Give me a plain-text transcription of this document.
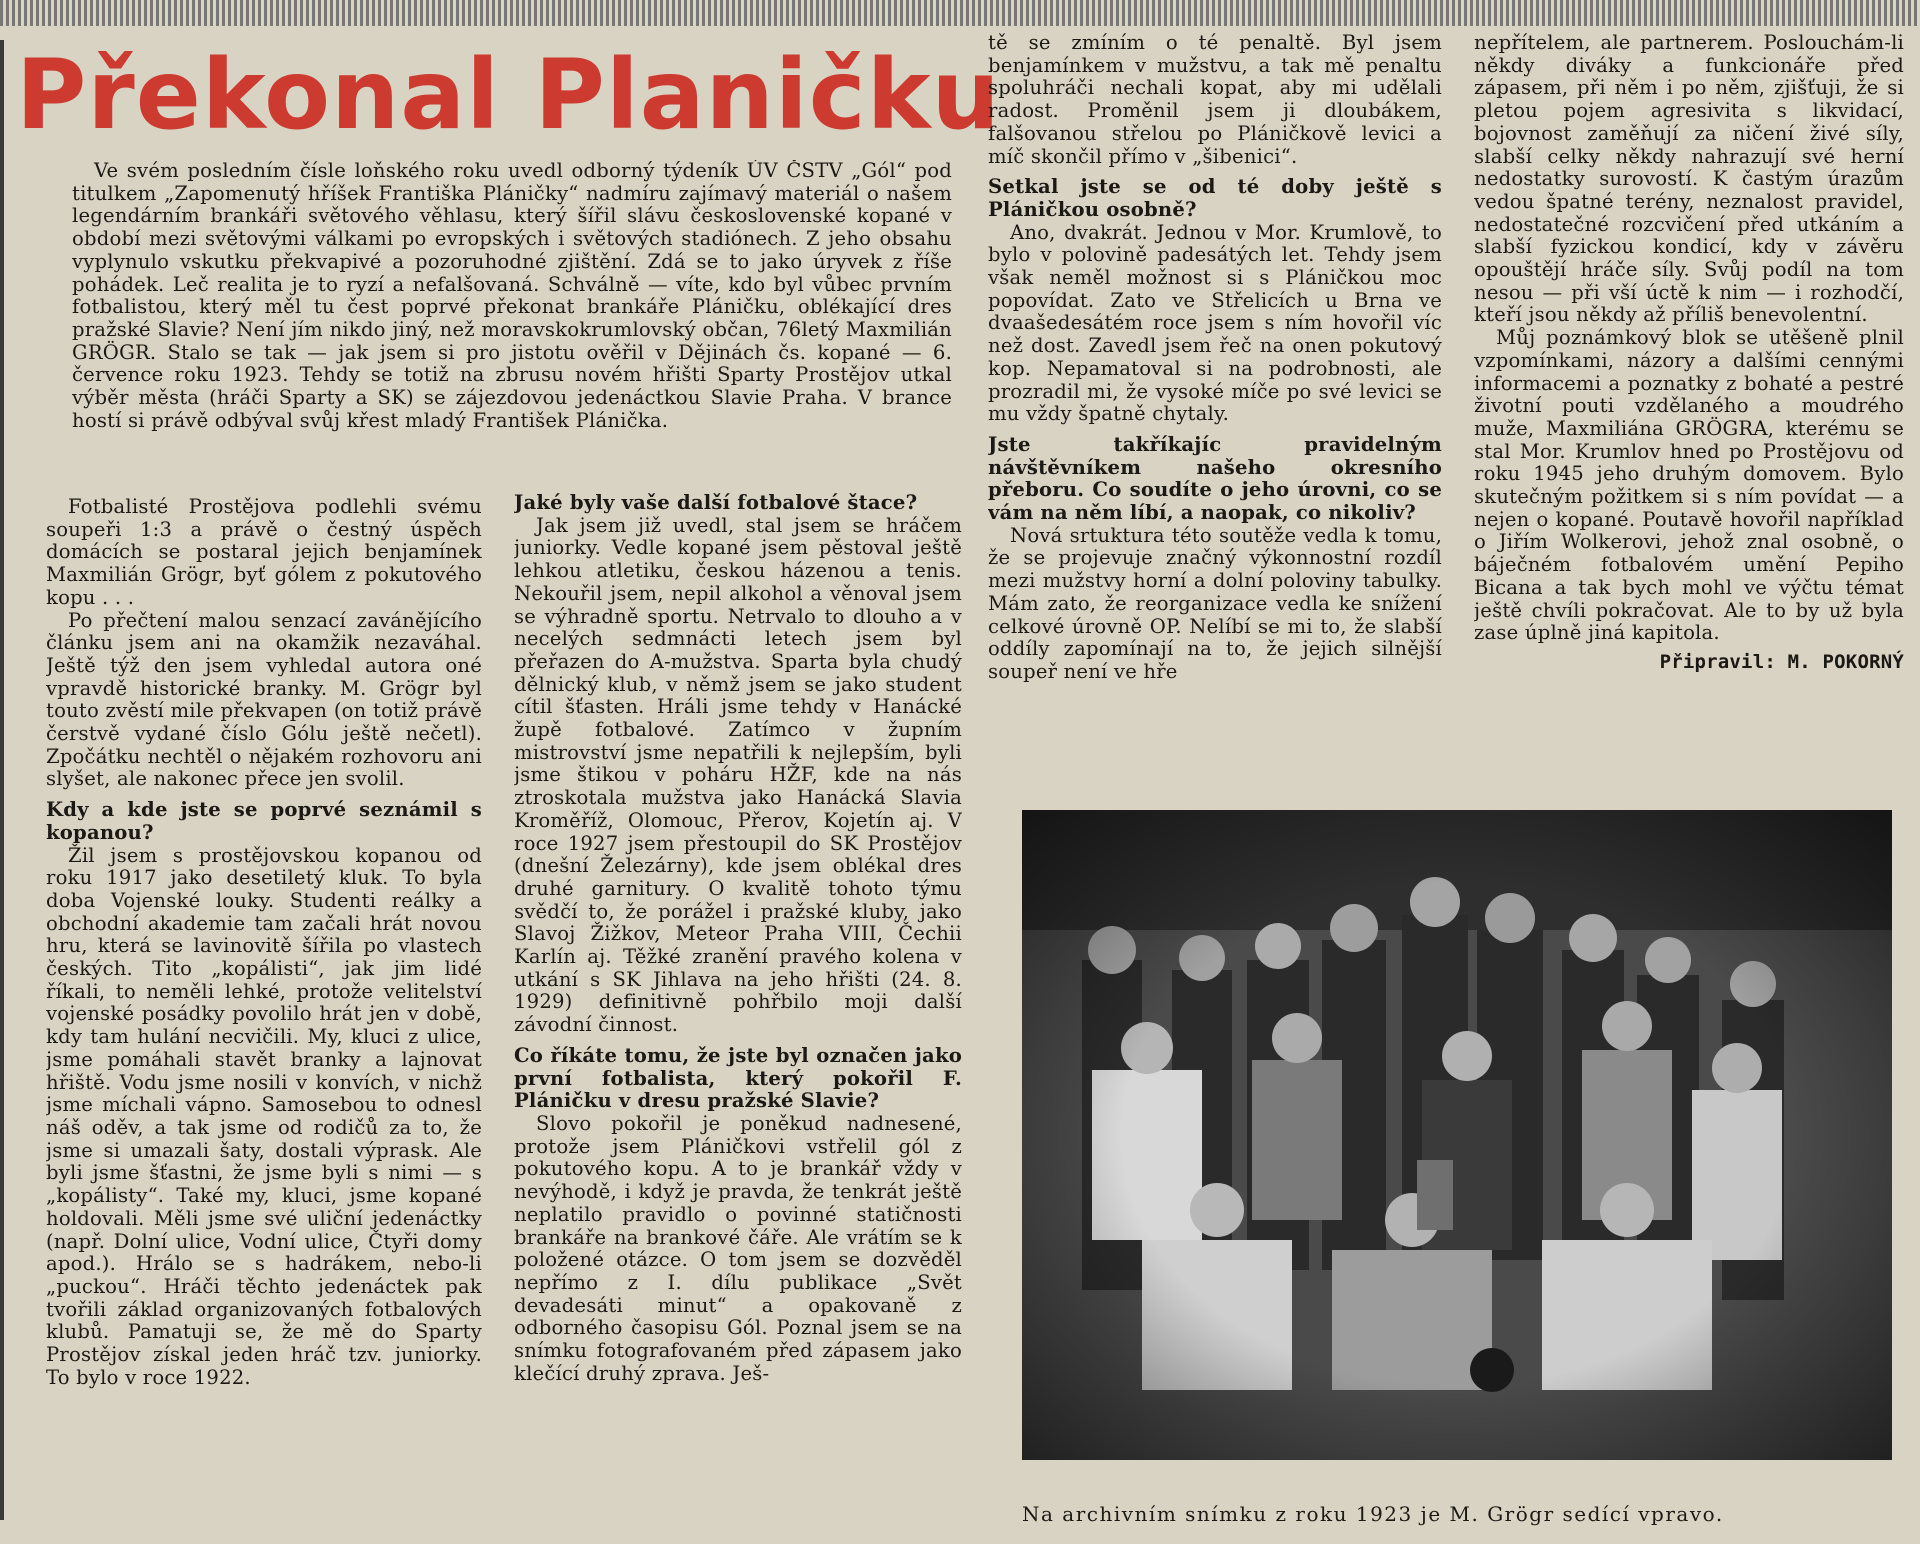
Překonal Planičku

Ve svém posledním čísle loňského roku uvedl odborný týdeník ÚV ČSTV „Gól“ pod titulkem „Zapomenutý hříšek Františka Pláničky“ nadmíru zajímavý materiál o našem legendárním brankáři světového věhlasu, který šířil slávu československé kopané v období mezi světovými válkami po evropských i světových stadiónech. Z jeho obsahu vyplynulo vskutku překvapivé a pozoruhodné zjištění. Zdá se to jako úryvek z říše pohádek. Leč realita je to ryzí a nefalšovaná. Schválně — víte, kdo byl vůbec prvním fotbalistou, který měl tu čest poprvé překonat brankáře Pláničku, oblékající dres pražské Slavie? Není jím nikdo jiný, než moravskokrumlovský občan, 76letý Maxmilián GRÖGR. Stalo se tak — jak jsem si pro jistotu ověřil v Dějinách čs. kopané — 6. července roku 1923. Tehdy se totiž na zbrusu novém hřišti Sparty Prostějov utkal výběr města (hráči Sparty a SK) se zájezdovou jedenáctkou Slavie Praha. V brance hostí si právě odbýval svůj křest mladý František Plánička.

Fotbalisté Prostějova podlehli svému soupeři 1:3 a právě o čestný úspěch domácích se postaral jejich benjamínek Maxmilián Grögr, byť gólem z pokutového kopu . . .

Po přečtení malou senzací zavánějícího článku jsem ani na okamžik nezaváhal. Ještě týž den jsem vyhledal autora oné vpravdě historické branky. M. Grögr byl touto zvěstí mile překvapen (on totiž právě čerstvě vydané číslo Gólu ještě nečetl). Zpočátku nechtěl o nějakém rozhovoru ani slyšet, ale nakonec přece jen svolil.

Kdy a kde jste se poprvé seznámil s kopanou?

Žil jsem s prostějovskou kopanou od roku 1917 jako desetiletý kluk. To byla doba Vojenské louky. Studenti reálky a obchodní akademie tam začali hrát novou hru, která se lavinovitě šířila po vlastech českých. Tito „kopálisti“, jak jim lidé říkali, to neměli lehké, protože velitelství vojenské posádky povolilo hrát jen v době, kdy tam hulání necvičili. My, kluci z ulice, jsme pomáhali stavět branky a lajnovat hřiště. Vodu jsme nosili v konvích, v nichž jsme míchali vápno. Samosebou to odnesl náš oděv, a tak jsme od rodičů za to, že jsme si umazali šaty, dostali výprask. Ale byli jsme šťastni, že jsme byli s nimi — s „kopálisty“. Také my, kluci, jsme kopané holdovali. Měli jsme své uliční jedenáctky (např. Dolní ulice, Vodní ulice, Čtyři domy apod.). Hrálo se s hadrákem, nebo-li „puckou“. Hráči těchto jedenáctek pak tvořili základ organizovaných fotbalových klubů. Pamatuji se, že mě do Sparty Prostějov získal jeden hráč tzv. juniorky. To bylo v roce 1922.

Jaké byly vaše další fotbalové štace?

Jak jsem již uvedl, stal jsem se hráčem juniorky. Vedle kopané jsem pěstoval ještě lehkou atletiku, českou házenou a tenis. Nekouřil jsem, nepil alkohol a věnoval jsem se výhradně sportu. Netrvalo to dlouho a v necelých sedmnácti letech jsem byl přeřazen do A-mužstva. Sparta byla chudý dělnický klub, v němž jsem se jako student cítil šťasten. Hráli jsme tehdy v Hanácké župě fotbalové. Zatímco v župním mistrovství jsme nepatřili k nejlepším, byli jsme štikou v poháru HŽF, kde na nás ztroskotala mužstva jako Hanácká Slavia Kroměříž, Olomouc, Přerov, Kojetín aj. V roce 1927 jsem přestoupil do SK Prostějov (dnešní Železárny), kde jsem oblékal dres druhé garnitury. O kvalitě tohoto týmu svědčí to, že porážel i pražské kluby, jako Slavoj Žižkov, Meteor Praha VIII, Čechii Karlín aj. Těžké zranění pravého kolena v utkání s SK Jihlava na jeho hřišti (24. 8. 1929) definitivně pohřbilo moji další závodní činnost.

Co říkáte tomu, že jste byl označen jako první fotbalista, který pokořil F. Pláničku v dresu pražské Slavie?

Slovo pokořil je poněkud nadnesené, protože jsem Pláničkovi vstřelil gól z pokutového kopu. A to je brankář vždy v nevýhodě, i když je pravda, že tenkrát ještě neplatilo pravidlo o povinné statičnosti brankáře na brankové čáře. Ale vrátím se k položené otázce. O tom jsem se dozvěděl nepřímo z I. dílu publikace „Svět devadesáti minut“ a opakovaně z odborného časopisu Gól. Poznal jsem se na snímku fotografovaném před zápasem jako klečící druhý zprava. Ješ-

tě se zmíním o té penaltě. Byl jsem benjamínkem v mužstvu, a tak mě penaltu spoluhráči nechali kopat, aby mi udělali radost. Proměnil jsem ji dloubákem, falšovanou střelou po Pláničkově levici a míč skončil přímo v „šibenici“.

Setkal jste se od té doby ještě s Pláničkou osobně?

Ano, dvakrát. Jednou v Mor. Krumlově, to bylo v polovině padesátých let. Tehdy jsem však neměl možnost si s Pláničkou moc popovídat. Zato ve Střelicích u Brna ve dvaašedesátém roce jsem s ním hovořil víc než dost. Zavedl jsem řeč na onen pokutový kop. Nepamatoval si na podrobnosti, ale prozradil mi, že vysoké míče po své levici se mu vždy špatně chytaly.

Jste takříkajíc pravidelným návštěvníkem našeho okresního přeboru. Co soudíte o jeho úrovni, co se vám na něm líbí, a naopak, co nikoliv?

Nová srtuktura této soutěže vedla k tomu, že se projevuje značný výkonnostní rozdíl mezi mužstvy horní a dolní poloviny tabulky. Mám zato, že reorganizace vedla ke snížení celkové úrovně OP. Nelíbí se mi to, že slabší oddíly zapomínají na to, že jejich silnější soupeř není ve hře

nepřítelem, ale partnerem. Poslouchám-li někdy diváky a funkcionáře před zápasem, při něm i po něm, zjišťuji, že si pletou pojem agresivita s likvidací, bojovnost zaměňují za ničení živé síly, slabší celky někdy nahrazují své herní nedostatky surovostí. K častým úrazům vedou špatné terény, neznalost pravidel, nedostatečné rozcvičení před utkáním a slabší fyzickou kondicí, kdy v závěru opouštějí hráče síly. Svůj podíl na tom nesou — při vší úctě k nim — i rozhodčí, kteří jsou někdy až příliš benevolentní.

Můj poznámkový blok se utěšeně plnil vzpomínkami, názory a dalšími cennými informacemi a poznatky z bohaté a pestré životní pouti vzdělaného a moudrého muže, Maxmiliána GRÖGRA, kterému se stal Mor. Krumlov hned po Prostějovu od roku 1945 jeho druhým domovem. Bylo skutečným požitkem si s ním povídat — a nejen o kopané. Poutavě hovořil například o Jiřím Wolkerovi, jehož znal osobně, o báječném fotbalovém umění Pepiho Bicana a tak bych mohl ve výčtu témat ještě chvíli pokračovat. Ale to by už byla zase úplně jiná kapitola.

Připravil: M. POKORNÝ

Na archivním snímku z roku 1923 je M. Grögr sedící vpravo.
